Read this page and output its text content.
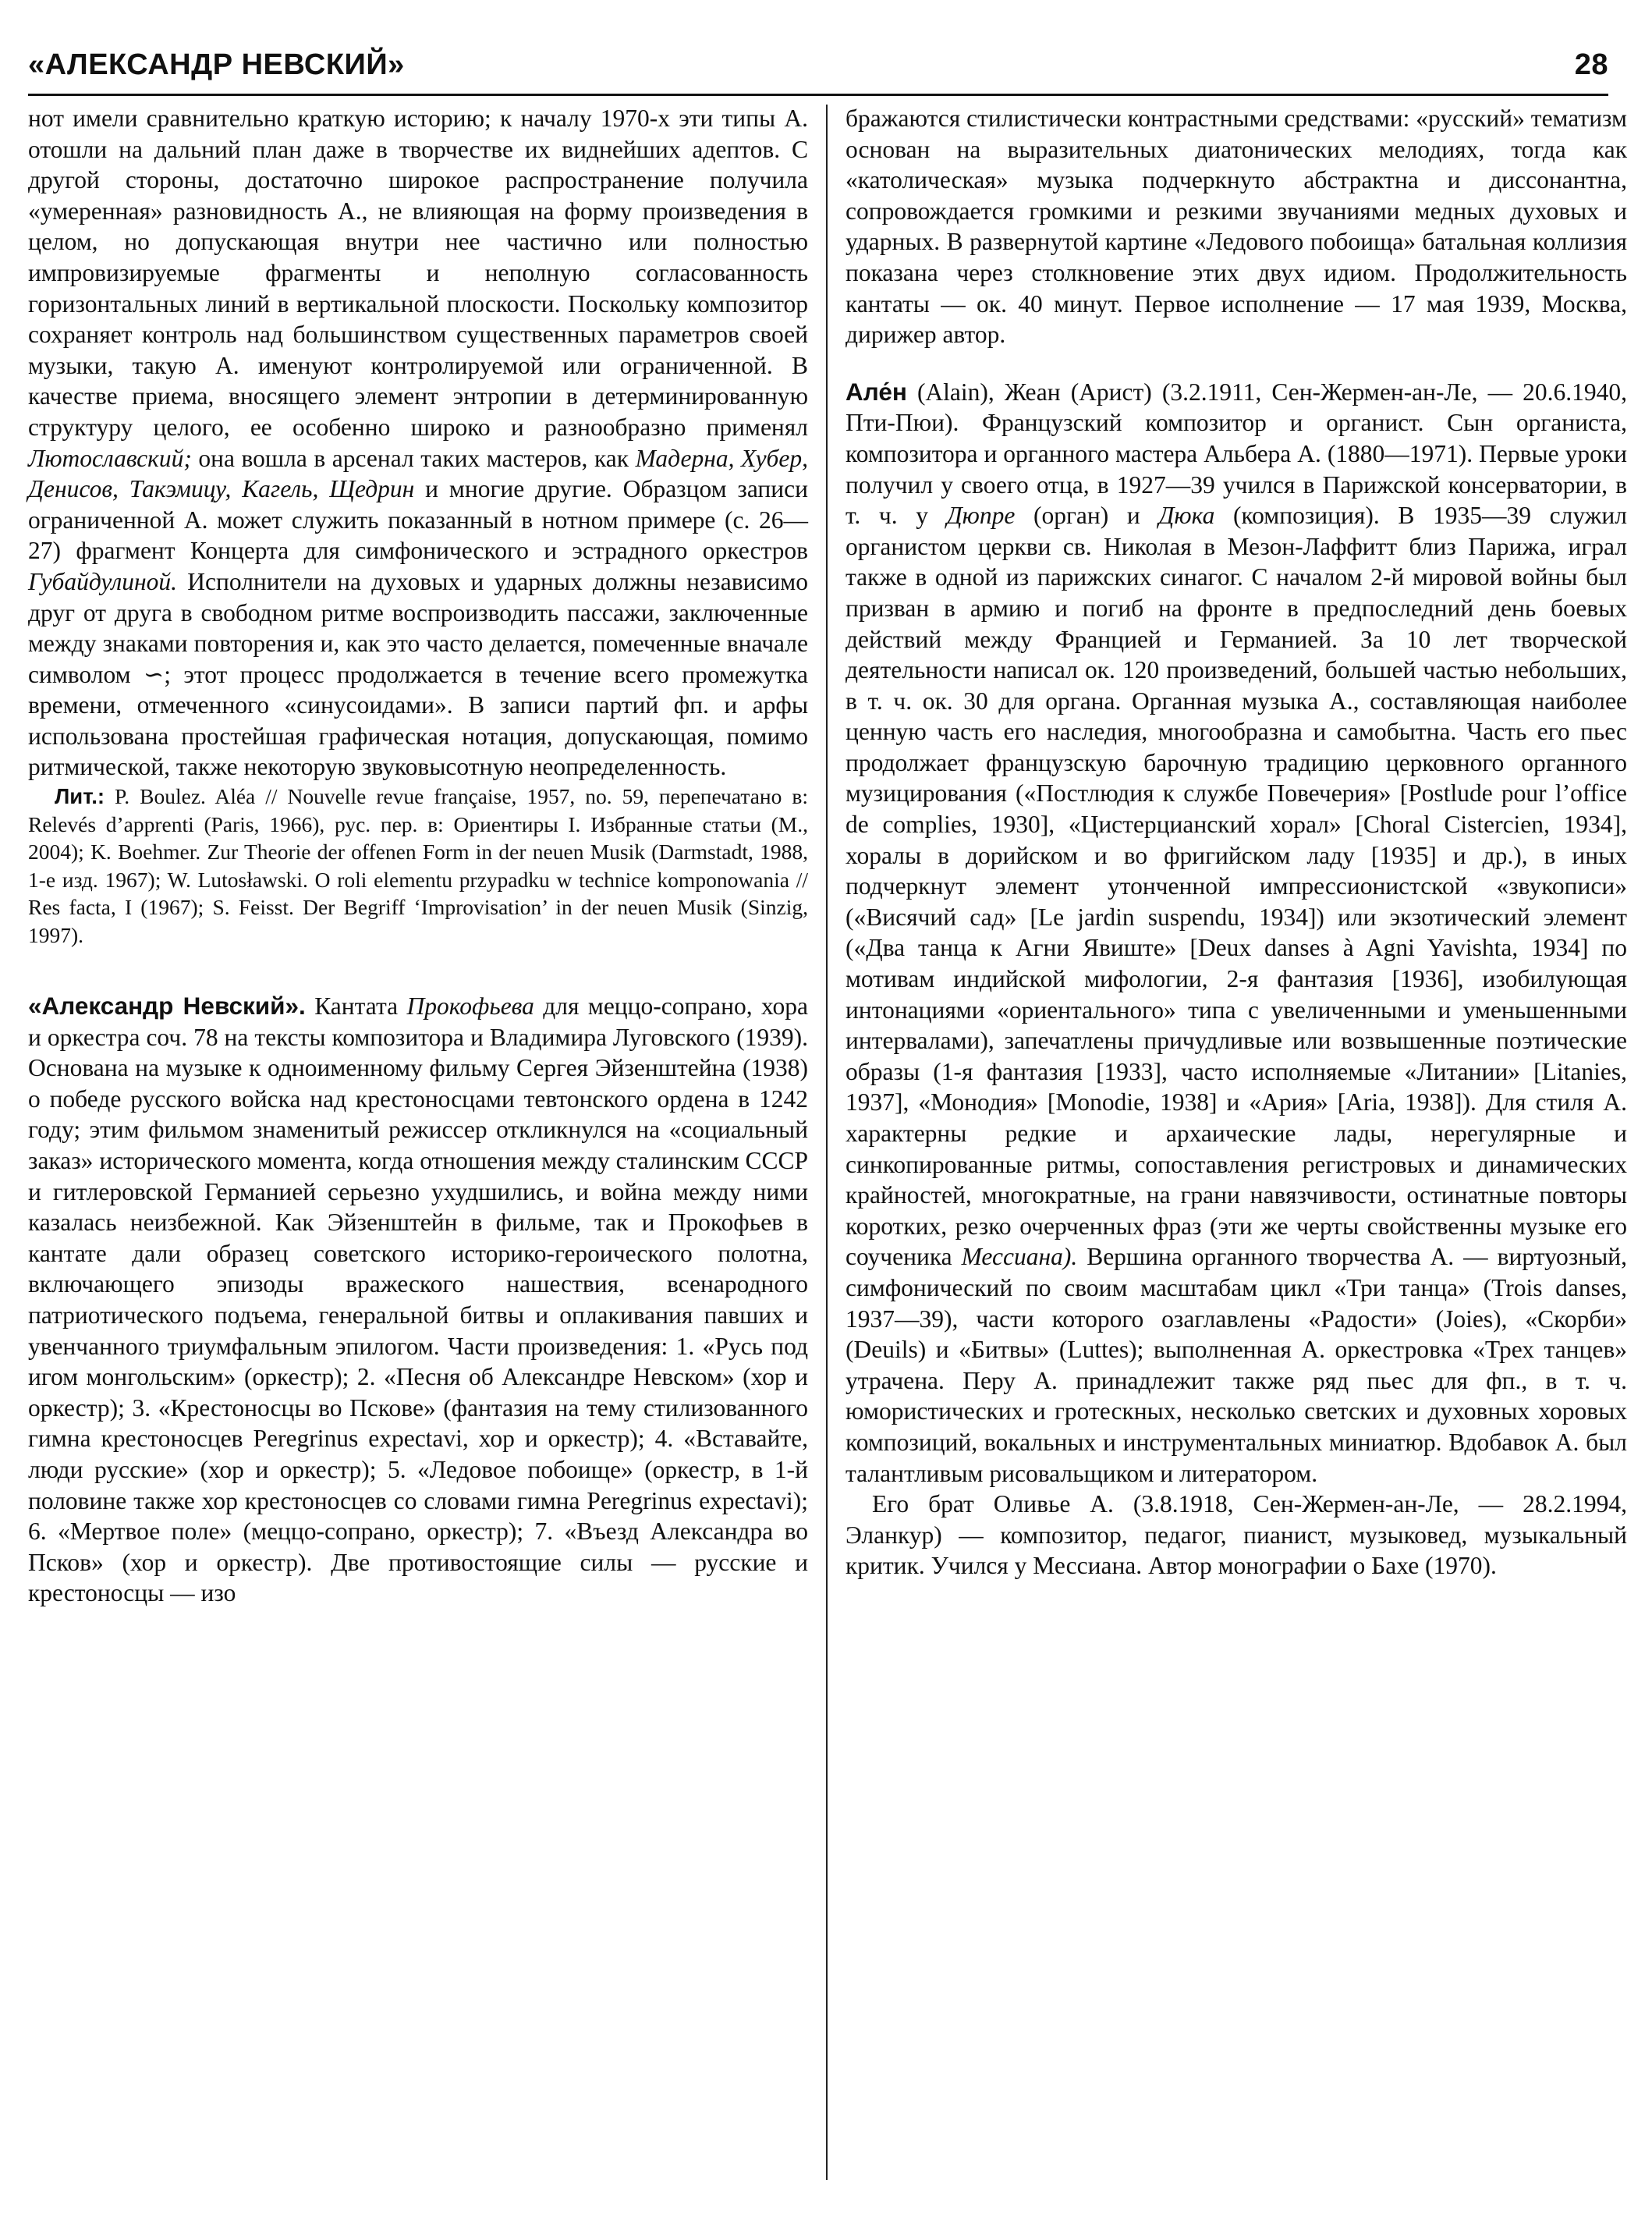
«АЛЕКСАНДР НЕВСКИЙ»	28

нот имели сравнительно краткую историю; к началу 1970-х эти типы А. отошли на дальний план даже в творчестве их виднейших адептов. С другой стороны, достаточно широкое распространение получила «умеренная» разновидность А., не влияющая на форму произведения в целом, но допускающая внутри нее частично или полностью импровизируемые фрагменты и неполную согласованность горизонтальных линий в вертикальной плоскости. Поскольку композитор сохраняет контроль над большинством существенных параметров своей музыки, такую А. именуют контролируемой или ограниченной. В качестве приема, вносящего элемент энтропии в детерминированную структуру целого, ее особенно широко и разнообразно применял Лютославский; она вошла в арсенал таких мастеров, как Мадерна, Хубер, Денисов, Такэмицу, Кагель, Щедрин и многие другие. Образцом записи ограниченной А. может служить показанный в нотном примере (с. 26—27) фрагмент Концерта для симфонического и эстрадного оркестров Губайдулиной. Исполнители на духовых и ударных должны независимо друг от друга в свободном ритме воспроизводить пассажи, заключенные между знаками повторения и, как это часто делается, помеченные вначале символом ∽; этот процесс продолжается в течение всего промежутка времени, отмеченного «синусоидами». В записи партий фп. и арфы использована простейшая графическая нотация, допускающая, помимо ритмической, также некоторую звуковысотную неопределенность.

Лит.: P. Boulez. Aléa // Nouvelle revue française, 1957, no. 59, перепечатано в: Relevés d’apprenti (Paris, 1966), рус. пер. в: Ориентиры I. Избранные статьи (М., 2004); K. Boehmer. Zur Theorie der offenen Form in der neuen Musik (Darmstadt, 1988, 1-е изд. 1967); W. Lutosławski. O roli elementu przypadku w technice komponowania // Res facta, I (1967); S. Feisst. Der Begriff ‘Improvisation’ in der neuen Musik (Sinzig, 1997).

«Александр Невский». Кантата Прокофьева для меццо-сопрано, хора и оркестра соч. 78 на тексты композитора и Владимира Луговского (1939). Основана на музыке к одноименному фильму Сергея Эйзенштейна (1938) о победе русского войска над крестоносцами тевтонского ордена в 1242 году; этим фильмом знаменитый режиссер откликнулся на «социальный заказ» исторического момента, когда отношения между сталинским СССР и гитлеровской Германией серьезно ухудшились, и война между ними казалась неизбежной. Как Эйзенштейн в фильме, так и Прокофьев в кантате дали образец советского историко-героического полотна, включающего эпизоды вражеского нашествия, всенародного патриотического подъема, генеральной битвы и оплакивания павших и увенчанного триумфальным эпилогом. Части произведения: 1. «Русь под игом монгольским» (оркестр); 2. «Песня об Александре Невском» (хор и оркестр); 3. «Крестоносцы во Пскове» (фантазия на тему стилизованного гимна крестоносцев Peregrinus expectavi, хор и оркестр); 4. «Вставайте, люди русские» (хор и оркестр); 5. «Ледовое побоище» (оркестр, в 1-й половине также хор крестоносцев со словами гимна Peregrinus expectavi); 6. «Мертвое поле» (меццо-сопрано, оркестр); 7. «Въезд Александра во Псков» (хор и оркестр). Две противостоящие силы — русские и крестоносцы — изо

бражаются стилистически контрастными средствами: «русский» тематизм основан на выразительных диатонических мелодиях, тогда как «католическая» музыка подчеркнуто абстрактна и диссонантна, сопровождается громкими и резкими звучаниями медных духовых и ударных. В развернутой картине «Ледового побоища» батальная коллизия показана через столкновение этих двух идиом. Продолжительность кантаты — ок. 40 минут. Первое исполнение — 17 мая 1939, Москва, дирижер автор.

Але́н (Alain), Жеан (Арист) (3.2.1911, Сен-Жермен-ан-Ле, — 20.6.1940, Пти-Пюи). Французский композитор и органист. Сын органиста, композитора и органного мастера Альбера А. (1880—1971). Первые уроки получил у своего отца, в 1927—39 учился в Парижской консерватории, в т. ч. у Дюпре (орган) и Дюка (композиция). В 1935—39 служил органистом церкви св. Николая в Мезон-Лаффитт близ Парижа, играл также в одной из парижских синагог. С началом 2-й мировой войны был призван в армию и погиб на фронте в предпоследний день боевых действий между Францией и Германией. За 10 лет творческой деятельности написал ок. 120 произведений, большей частью небольших, в т. ч. ок. 30 для органа. Органная музыка А., составляющая наиболее ценную часть его наследия, многообразна и самобытна. Часть его пьес продолжает французскую барочную традицию церковного органного музицирования («Постлюдия к службе Повечерия» [Postlude pour l’office de complies, 1930], «Цистерцианский хорал» [Choral Cistercien, 1934], хоралы в дорийском и во фригийском ладу [1935] и др.), в иных подчеркнут элемент утонченной импрессионистской «звукописи» («Висячий сад» [Le jardin suspendu, 1934]) или экзотический элемент («Два танца к Агни Явиште» [Deux danses à Agni Yavishta, 1934] по мотивам индийской мифологии, 2-я фантазия [1936], изобилующая интонациями «ориентального» типа с увеличенными и уменьшенными интервалами), запечатлены причудливые или возвышенные поэтические образы (1-я фантазия [1933], часто исполняемые «Литании» [Litanies, 1937], «Монодия» [Monodie, 1938] и «Ария» [Aria, 1938]). Для стиля А. характерны редкие и архаические лады, нерегулярные и синкопированные ритмы, сопоставления регистровых и динамических крайностей, многократные, на грани навязчивости, остинатные повторы коротких, резко очерченных фраз (эти же черты свойственны музыке его соученика Мессиана). Вершина органного творчества А. — виртуозный, симфонический по своим масштабам цикл «Три танца» (Trois danses, 1937—39), части которого озаглавлены «Радости» (Joies), «Скорби» (Deuils) и «Битвы» (Luttes); выполненная А. оркестровка «Трех танцев» утрачена. Перу А. принадлежит также ряд пьес для фп., в т. ч. юмористических и гротескных, несколько светских и духовных хоровых композиций, вокальных и инструментальных миниатюр. Вдобавок А. был талантливым рисовальщиком и литератором.

Его брат Оливье А. (3.8.1918, Сен-Жермен-ан-Ле, — 28.2.1994, Эланкур) — композитор, педагог, пианист, музыковед, музыкальный критик. Учился у Мессиана. Автор монографии о Бахе (1970).
